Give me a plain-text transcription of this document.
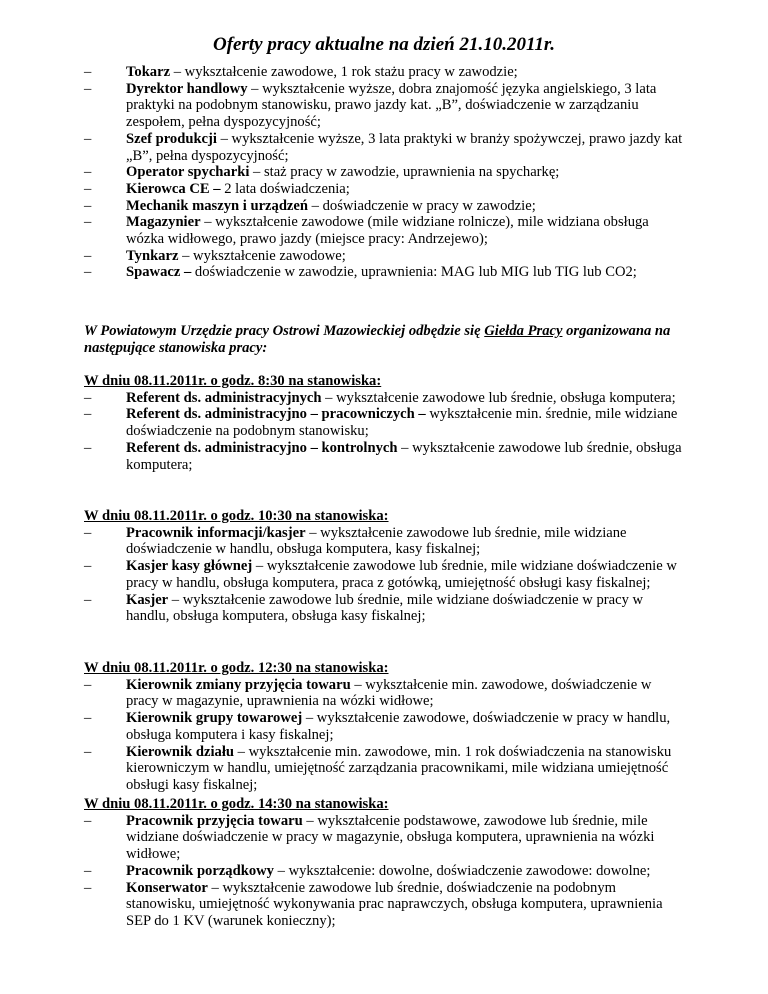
Oferty pracy aktualne na dzień 21.10.2011r.
– Tokarz – wykształcenie zawodowe, 1 rok stażu pracy w zawodzie;
– Dyrektor handlowy – wykształcenie wyższe, dobra znajomość języka angielskiego, 3 lata praktyki na podobnym stanowisku, prawo jazdy kat. „B”, doświadczenie w zarządzaniu zespołem, pełna dyspozycyjność;
– Szef produkcji – wykształcenie wyższe, 3 lata praktyki w branży spożywczej, prawo jazdy kat „B”, pełna dyspozycyjność;
– Operator spycharki – staż pracy w zawodzie, uprawnienia na spycharkę;
– Kierowca CE – 2 lata doświadczenia;
– Mechanik maszyn i urządzeń – doświadczenie w pracy w zawodzie;
– Magazynier – wykształcenie zawodowe (mile widziane rolnicze), mile widziana obsługa wózka widłowego, prawo jazdy (miejsce pracy: Andrzejewo);
– Tynkarz – wykształcenie zawodowe;
– Spawacz – doświadczenie w zawodzie, uprawnienia: MAG lub MIG lub TIG lub CO2;

W Powiatowym Urzędzie pracy Ostrowi Mazowieckiej odbędzie się Giełda Pracy organizowana na następujące stanowiska pracy:

W dniu 08.11.2011r. o godz. 8:30 na stanowiska:
– Referent ds. administracyjnych – wykształcenie zawodowe lub średnie, obsługa komputera;
– Referent ds. administracyjno – pracowniczych – wykształcenie min. średnie, mile widziane doświadczenie na podobnym stanowisku;
– Referent ds. administracyjno – kontrolnych – wykształcenie zawodowe lub średnie, obsługa komputera;
W dniu 08.11.2011r. o godz. 10:30 na stanowiska:
– Pracownik informacji/kasjer – wykształcenie zawodowe lub średnie, mile widziane doświadczenie w handlu, obsługa komputera, kasy fiskalnej;
– Kasjer kasy głównej – wykształcenie zawodowe lub średnie, mile widziane doświadczenie w pracy w handlu, obsługa komputera, praca z gotówką, umiejętność obsługi kasy fiskalnej;
– Kasjer – wykształcenie zawodowe lub średnie, mile widziane doświadczenie w pracy w handlu, obsługa komputera, obsługa kasy fiskalnej;
W dniu 08.11.2011r. o godz. 12:30 na stanowiska:
– Kierownik zmiany przyjęcia towaru – wykształcenie min. zawodowe, doświadczenie w pracy w magazynie, uprawnienia na wózki widłowe;
– Kierownik grupy towarowej – wykształcenie zawodowe, doświadczenie w pracy w handlu, obsługa komputera i kasy fiskalnej;
– Kierownik działu – wykształcenie min. zawodowe, min. 1 rok doświadczenia na stanowisku kierowniczym w handlu, umiejętność zarządzania pracownikami, mile widziana umiejętność obsługi kasy fiskalnej;
W dniu 08.11.2011r. o godz. 14:30 na stanowiska:
– Pracownik przyjęcia towaru – wykształcenie podstawowe, zawodowe lub średnie, mile widziane doświadczenie w pracy w magazynie, obsługa komputera, uprawnienia na wózki widłowe;
– Pracownik porządkowy – wykształcenie: dowolne, doświadczenie zawodowe: dowolne;
– Konserwator – wykształcenie zawodowe lub średnie, doświadczenie na podobnym stanowisku, umiejętność wykonywania prac naprawczych, obsługa komputera, uprawnienia SEP do 1 KV (warunek konieczny);
